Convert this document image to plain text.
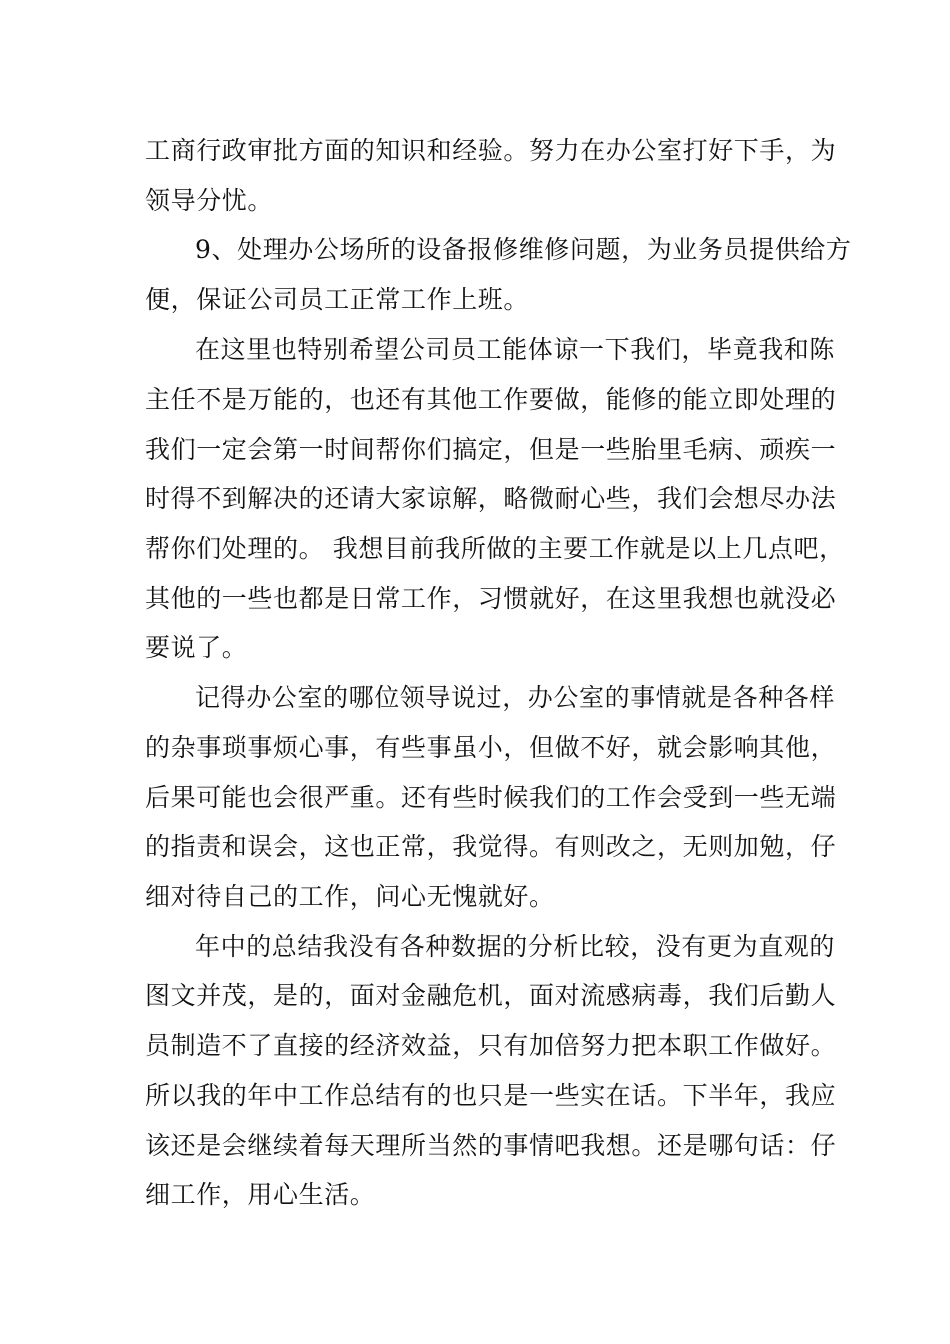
工商行政审批方面的知识和经验。努力在办公室打好下手，为
领导分忧。
9、处理办公场所的设备报修维修问题，为业务员提供给方
便，保证公司员工正常工作上班。
在这里也特别希望公司员工能体谅一下我们，毕竟我和陈
主任不是万能的，也还有其他工作要做，能修的能立即处理的
我们一定会第一时间帮你们搞定，但是一些胎里毛病、顽疾一
时得不到解决的还请大家谅解，略微耐心些，我们会想尽办法
帮你们处理的。 我想目前我所做的主要工作就是以上几点吧，
其他的一些也都是日常工作，习惯就好，在这里我想也就没必
要说了。
记得办公室的哪位领导说过，办公室的事情就是各种各样
的杂事琐事烦心事，有些事虽小，但做不好，就会影响其他，
后果可能也会很严重。还有些时候我们的工作会受到一些无端
的指责和误会，这也正常，我觉得。有则改之，无则加勉，仔
细对待自己的工作，问心无愧就好。
年中的总结我没有各种数据的分析比较，没有更为直观的
图文并茂，是的，面对金融危机，面对流感病毒，我们后勤人
员制造不了直接的经济效益，只有加倍努力把本职工作做好。
所以我的年中工作总结有的也只是一些实在话。下半年，我应
该还是会继续着每天理所当然的事情吧我想。还是哪句话：仔
细工作，用心生活。
